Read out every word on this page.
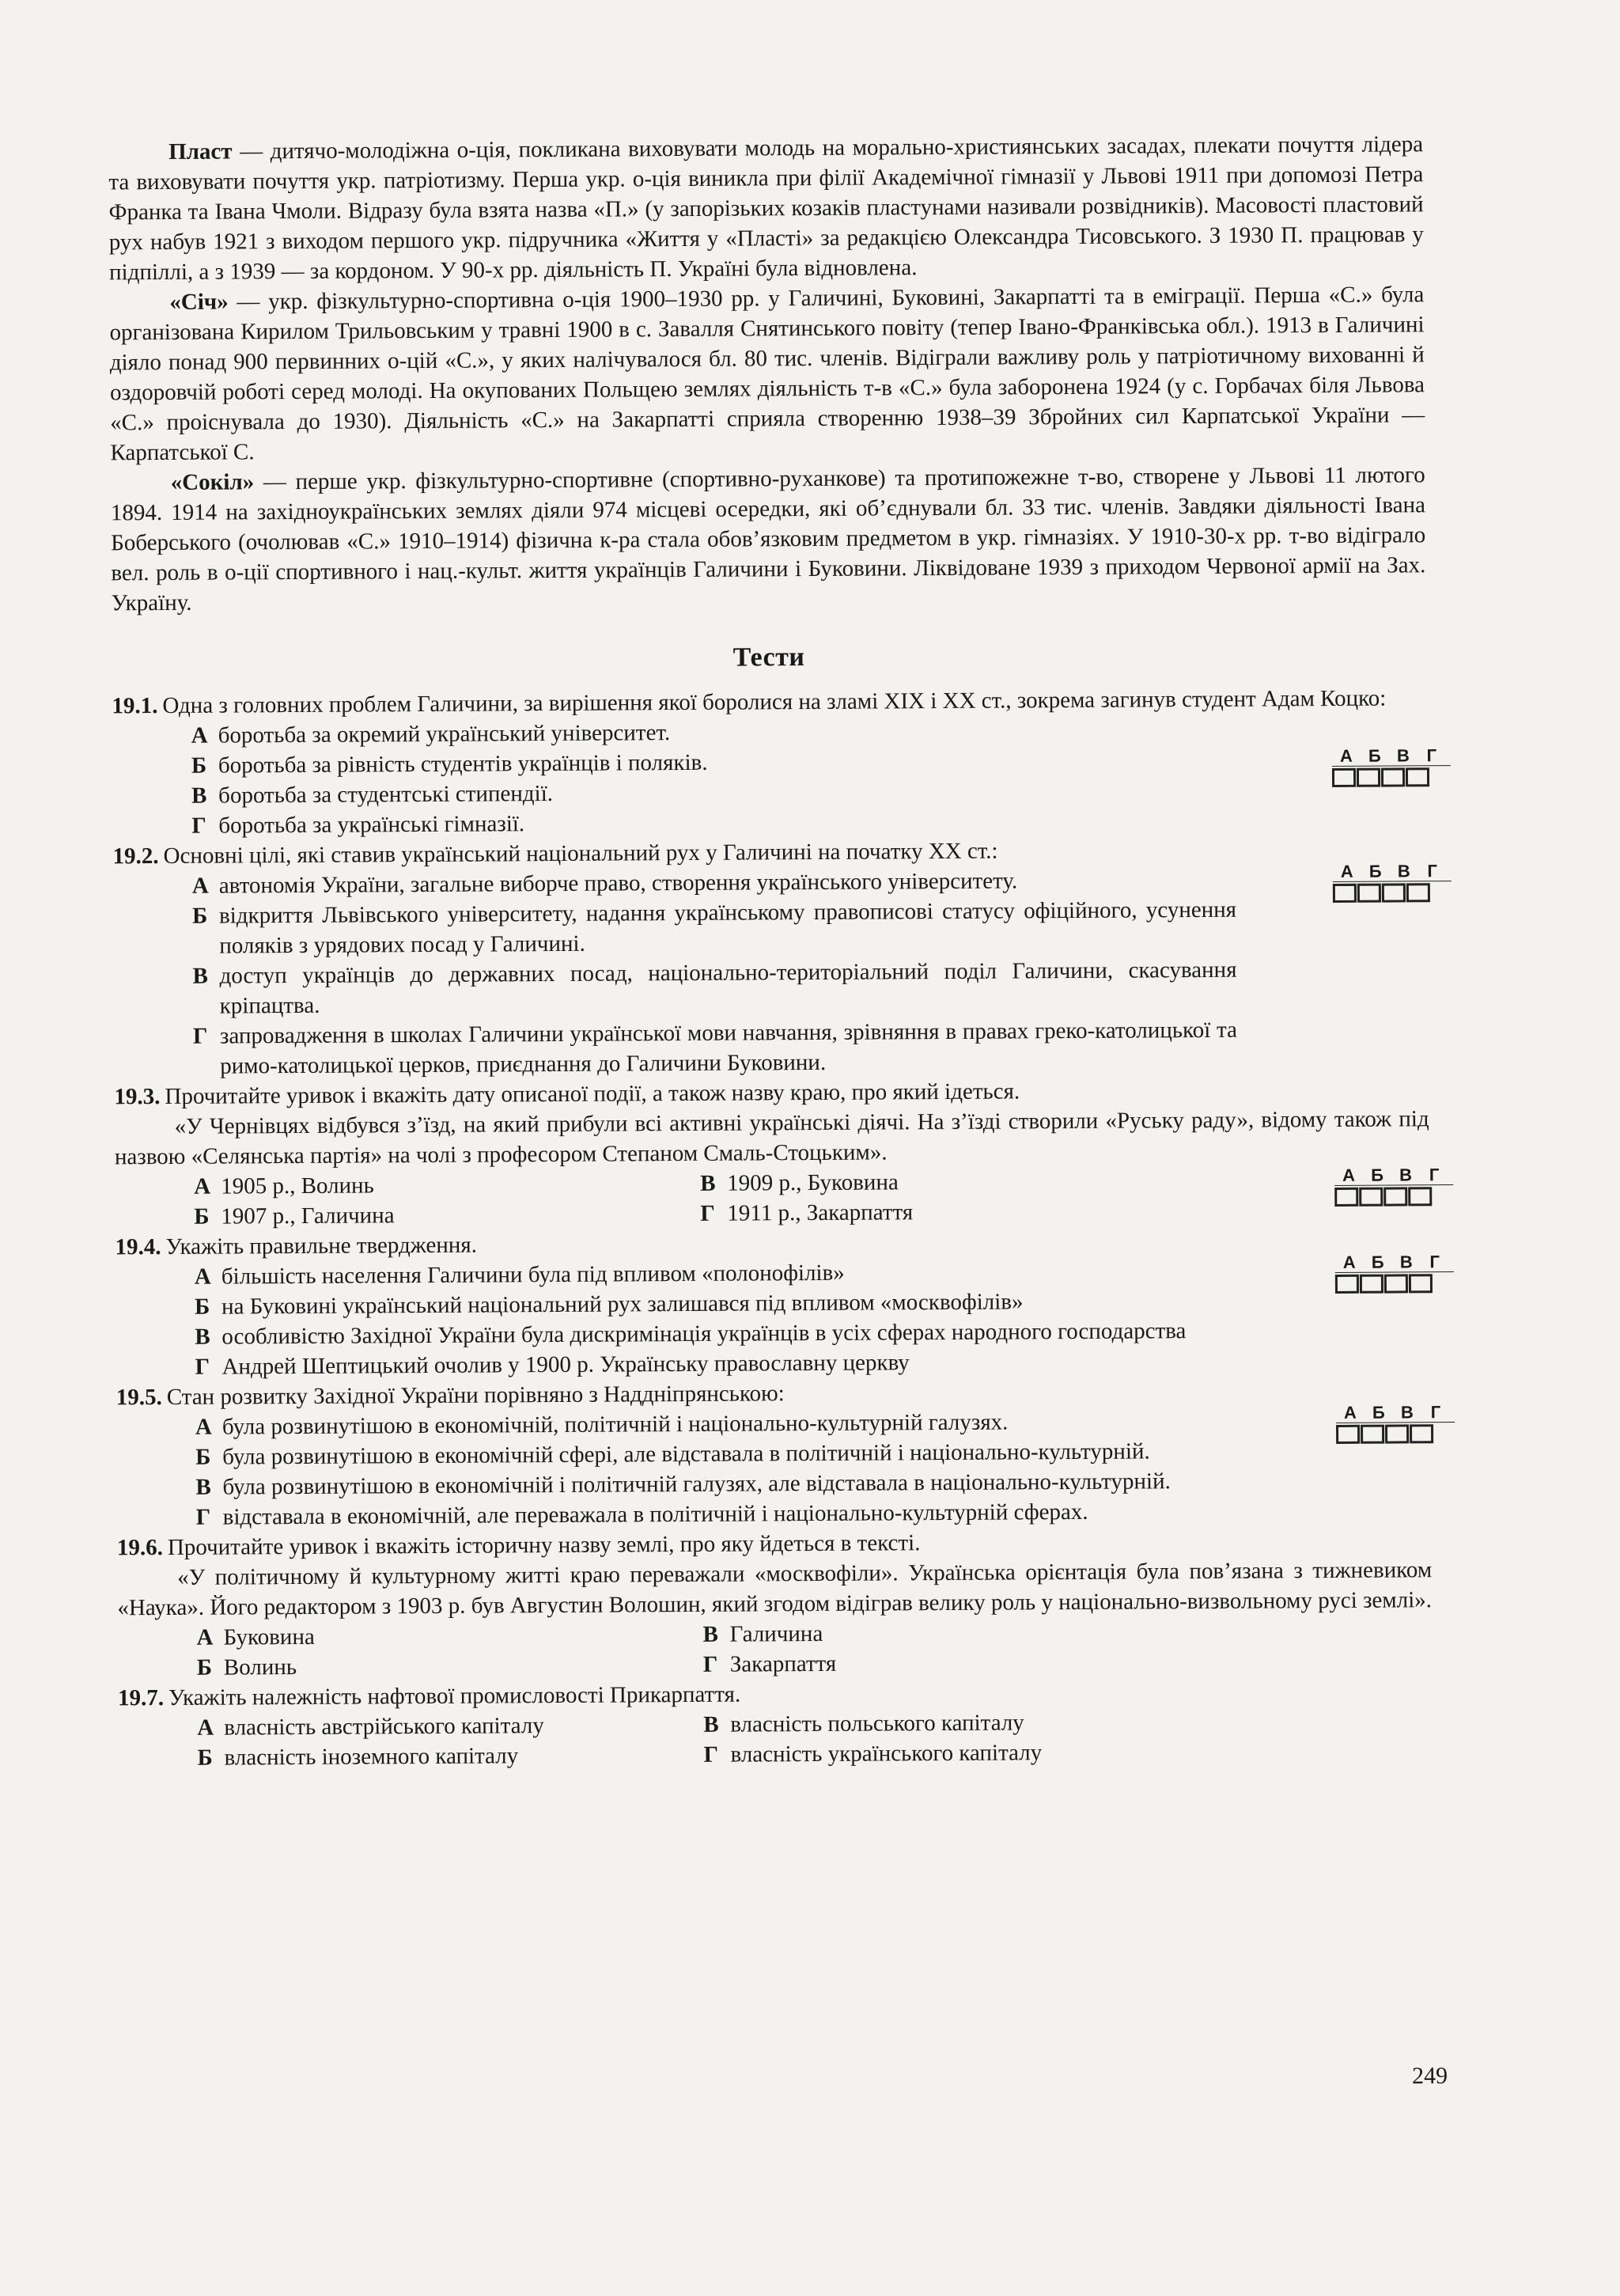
Пласт — дитячо-молодіжна о-ція, покликана виховувати молодь на морально-християнських засадах, плекати почуття лідера та виховувати почуття укр. патріотизму. Перша укр. о-ція виникла при філії Академічної гімназії у Львові 1911 при допомозі Петра Франка та Івана Чмоли. Відразу була взята назва «П.» (у запорізьких козаків пластунами називали розвідників). Масовості пластовий рух набув 1921 з виходом першого укр. підручника «Життя у «Пласті» за редакцією Олександра Тисовського. З 1930 П. працював у підпіллі, а з 1939 — за кордоном. У 90-х рр. діяльність П. Україні була відновлена.

«Січ» — укр. фізкультурно-спортивна о-ція 1900–1930 рр. у Галичині, Буковині, Закарпатті та в еміграції. Перша «С.» була організована Кирилом Трильовським у травні 1900 в с. Завалля Снятинського повіту (тепер Івано-Франківська обл.). 1913 в Галичині діяло понад 900 первинних о-цій «С.», у яких налічувалося бл. 80 тис. членів. Відіграли важливу роль у патріотичному вихованні й оздоровчій роботі серед молоді. На окупованих Польщею землях діяльність т-в «С.» була заборонена 1924 (у с. Горбачах біля Львова «С.» проіснувала до 1930). Діяльність «С.» на Закарпатті сприяла створенню 1938–39 Збройних сил Карпатської України — Карпатської С.

«Сокіл» — перше укр. фізкультурно-спортивне (спортивно-руханкове) та протипожежне т-во, створене у Львові 11 лютого 1894. 1914 на західноукраїнських землях діяли 974 місцеві осередки, які об’єднували бл. 33 тис. членів. Завдяки діяльності Івана Боберського (очолював «С.» 1910–1914) фізична к-ра стала обов’язковим предметом в укр. гімназіях. У 1910-30-х рр. т-во відіграло вел. роль в о-ції спортивного і нац.-культ. життя українців Галичини і Буковини. Ліквідоване 1939 з приходом Червоної армії на Зах. Україну.

Тести
19.1. Одна з головних проблем Галичини, за вирішення якої боролися на зламі XIX і XX ст., зокрема загинув студент Адам Коцко:
А Б В Г
А боротьба за окремий український університет.
Б боротьба за рівність студентів українців і поляків.
В боротьба за студентські стипендії.
Г боротьба за українські гімназії.
19.2. Основні цілі, які ставив український національний рух у Галичині на початку XX ст.:
А Б В Г
А автономія України, загальне виборче право, створення українського університету.
Б відкриття Львівського університету, надання українському правописові статусу офіційного, усунення поляків з урядових посад у Галичині.
В доступ українців до державних посад, національно-територіальний поділ Галичини, скасування кріпацтва.
Г запровадження в школах Галичини української мови навчання, зрівняння в правах греко-католицької та римо-католицької церков, приєднання до Галичини Буковини.
19.3. Прочитайте уривок і вкажіть дату описаної події, а також назву краю, про який ідеться.

«У Чернівцях відбувся з’їзд, на який прибули всі активні українські діячі. На з’їзді створили «Руську раду», відому також під назвою «Селянська партія» на чолі з професором Степаном Смаль-Стоцьким».

А Б В Г
А 1905 р., Волинь	В 1909 р., Буковина
Б 1907 р., Галичина	Г 1911 р., Закарпаття
19.4. Укажіть правильне твердження.
А Б В Г
А більшість населення Галичини була під впливом «полонофілів»
Б на Буковині український національний рух залишався під впливом «москвофілів»
В особливістю Західної України була дискримінація українців в усіх сферах народного господарства
Г Андрей Шептицький очолив у 1900 р. Українську православну церкву
19.5. Стан розвитку Західної України порівняно з Наддніпрянською:
А Б В Г
А була розвинутішою в економічній, політичній і національно-культурній галузях.
Б була розвинутішою в економічній сфері, але відставала в політичній і національно-культурній.
В була розвинутішою в економічній і політичній галузях, але відставала в національно-культурній.
Г відставала в економічній, але переважала в політичній і національно-культурній сферах.
19.6. Прочитайте уривок і вкажіть історичну назву землі, про яку йдеться в тексті.

«У політичному й культурному житті краю переважали «москвофіли». Українська орієнтація була пов’язана з тижневиком «Наука». Його редактором з 1903 р. був Августин Волошин, який згодом відіграв велику роль у національно-визвольному русі землі».

А Буковина	В Галичина
Б Волинь	Г Закарпаття
19.7. Укажіть належність нафтової промисловості Прикарпаття.
А власність австрійського капіталу	В власність польського капіталу
Б власність іноземного капіталу	Г власність українського капіталу
249
